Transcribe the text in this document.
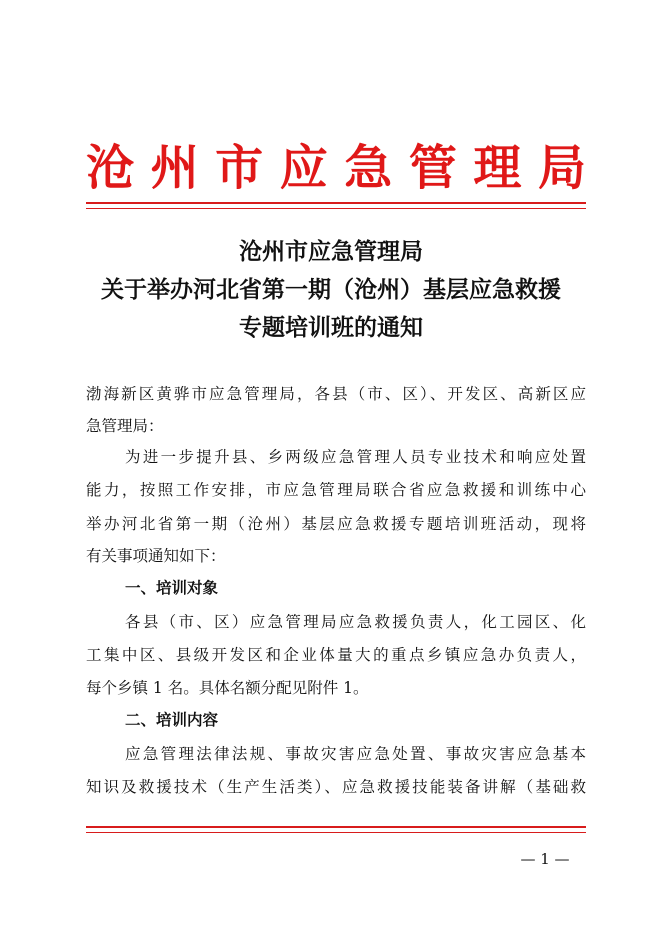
沧州市应急管理局
沧州市应急管理局
关于举办河北省第一期（沧州）基层应急救援
专题培训班的通知
渤海新区黄骅市应急管理局，各县（市、区）、开发区、高新区应
急管理局：
为进一步提升县、乡两级应急管理人员专业技术和响应处置
能力，按照工作安排，市应急管理局联合省应急救援和训练中心
举办河北省第一期（沧州）基层应急救援专题培训班活动，现将
有关事项通知如下：
一、培训对象
各县（市、区）应急管理局应急救援负责人，化工园区、化
工集中区、县级开发区和企业体量大的重点乡镇应急办负责人，
每个乡镇 1 名。具体名额分配见附件 1。
二、培训内容
应急管理法律法规、事故灾害应急处置、事故灾害应急基本
知识及救援技术（生产生活类）、应急救援技能装备讲解（基础救
— 1 —
